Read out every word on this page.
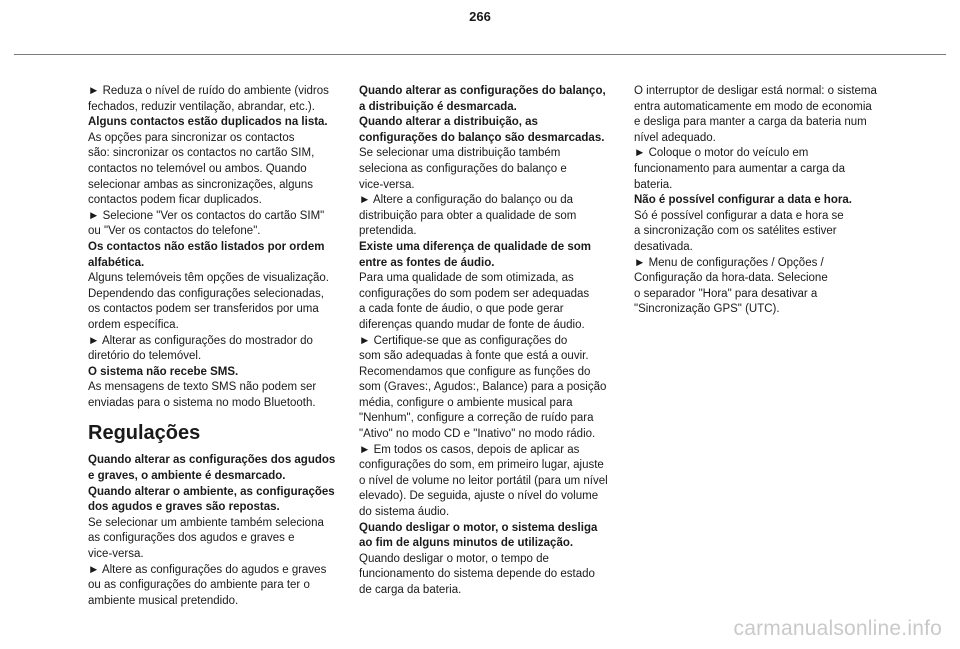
266

► Reduza o nível de ruído do ambiente (vidros
fechados, reduzir ventilação, abrandar, etc.).

Alguns contactos estão duplicados na lista.

As opções para sincronizar os contactos
são: sincronizar os contactos no cartão SIM,
contactos no telemóvel ou ambos. Quando
selecionar ambas as sincronizações, alguns
contactos podem ficar duplicados.
► Selecione "Ver os contactos do cartão SIM"
ou "Ver os contactos do telefone".

Os contactos não estão listados por ordem
alfabética.

Alguns telemóveis têm opções de visualização.
Dependendo das configurações selecionadas,
os contactos podem ser transferidos por uma
ordem específica.
► Alterar as configurações do mostrador do
diretório do telemóvel.

O sistema não recebe SMS.

As mensagens de texto SMS não podem ser
enviadas para o sistema no modo Bluetooth.

Regulações

Quando alterar as configurações dos agudos
e graves, o ambiente é desmarcado.
Quando alterar o ambiente, as configurações
dos agudos e graves são repostas.

Se selecionar um ambiente também seleciona
as configurações dos agudos e graves e
vice-versa.
► Altere as configurações do agudos e graves
ou as configurações do ambiente para ter o
ambiente musical pretendido.

Quando alterar as configurações do balanço,
a distribuição é desmarcada.
Quando alterar a distribuição, as
configurações do balanço são desmarcadas.

Se selecionar uma distribuição também
seleciona as configurações do balanço e
vice-versa.
► Altere a configuração do balanço ou da
distribuição para obter a qualidade de som
pretendida.

Existe uma diferença de qualidade de som
entre as fontes de áudio.

Para uma qualidade de som otimizada, as
configurações do som podem ser adequadas
a cada fonte de áudio, o que pode gerar
diferenças quando mudar de fonte de áudio.
► Certifique-se que as configurações do
som são adequadas à fonte que está a ouvir.
Recomendamos que configure as funções do
som (Graves:, Agudos:, Balance) para a posição
média, configure o ambiente musical para
"Nenhum", configure a correção de ruído para
"Ativo" no modo CD e "Inativo" no modo rádio.
► Em todos os casos, depois de aplicar as
configurações do som, em primeiro lugar, ajuste
o nível de volume no leitor portátil (para um nível
elevado). De seguida, ajuste o nível do volume
do sistema áudio.

Quando desligar o motor, o sistema desliga
ao fim de alguns minutos de utilização.

Quando desligar o motor, o tempo de
funcionamento do sistema depende do estado
de carga da bateria.

O interruptor de desligar está normal: o sistema
entra automaticamente em modo de economia
e desliga para manter a carga da bateria num
nível adequado.
► Coloque o motor do veículo em
funcionamento para aumentar a carga da
bateria.

Não é possível configurar a data e hora.

Só é possível configurar a data e hora se
a sincronização com os satélites estiver
desativada.
► Menu de configurações / Opções /
Configuração da hora-data. Selecione
o separador "Hora" para desativar a
"Sincronização GPS" (UTC).

carmanualsonline.info
